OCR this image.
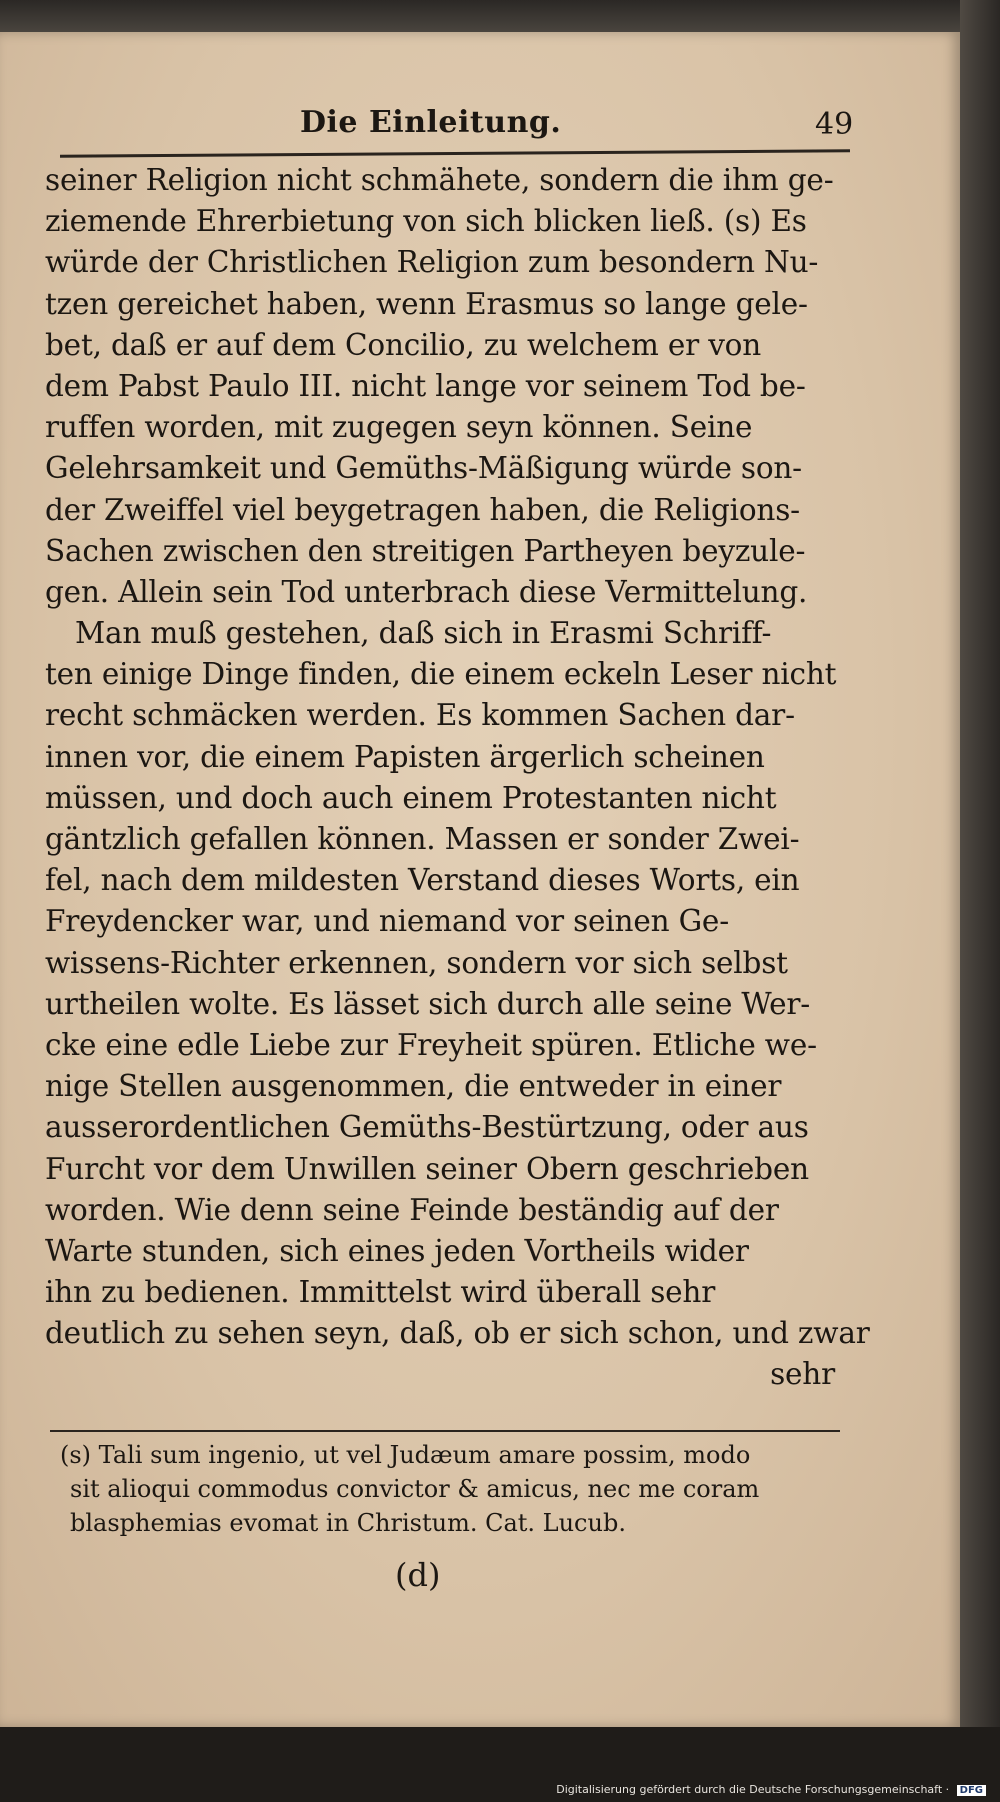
Die Einleitung.	49
seiner Religion nicht schmähete, sondern die ihm ge-
ziemende Ehrerbietung von sich blicken ließ. (s) Es
würde der Christlichen Religion zum besondern Nu-
tzen gereichet haben, wenn Erasmus so lange gele-
bet, daß er auf dem Concilio, zu welchem er von
dem Pabst Paulo III. nicht lange vor seinem Tod be-
ruffen worden, mit zugegen seyn können. Seine
Gelehrsamkeit und Gemüths-Mäßigung würde son-
der Zweiffel viel beygetragen haben, die Religions-
Sachen zwischen den streitigen Partheyen beyzule-
gen. Allein sein Tod unterbrach diese Vermittelung.
Man muß gestehen, daß sich in Erasmi Schriff-
ten einige Dinge finden, die einem eckeln Leser nicht
recht schmäcken werden. Es kommen Sachen dar-
innen vor, die einem Papisten ärgerlich scheinen
müssen, und doch auch einem Protestanten nicht
gäntzlich gefallen können. Massen er sonder Zwei-
fel, nach dem mildesten Verstand dieses Worts, ein
Freydencker war, und niemand vor seinen Ge-
wissens-Richter erkennen, sondern vor sich selbst
urtheilen wolte. Es lässet sich durch alle seine Wer-
cke eine edle Liebe zur Freyheit spüren. Etliche we-
nige Stellen ausgenommen, die entweder in einer
ausserordentlichen Gemüths-Bestürtzung, oder aus
Furcht vor dem Unwillen seiner Obern geschrieben
worden. Wie denn seine Feinde beständig auf der
Warte stunden, sich eines jeden Vortheils wider
ihn zu bedienen. Immittelst wird überall sehr
deutlich zu sehen seyn, daß, ob er sich schon, und zwar
sehr
(s) Tali sum ingenio, ut vel Judæum amare possim, modo
sit alioqui commodus convictor & amicus, nec me coram
blasphemias evomat in Christum. Cat. Lucub.
(d)
Digitalisierung gefördert durch die Deutsche Forschungsgemeinschaft · DFG
